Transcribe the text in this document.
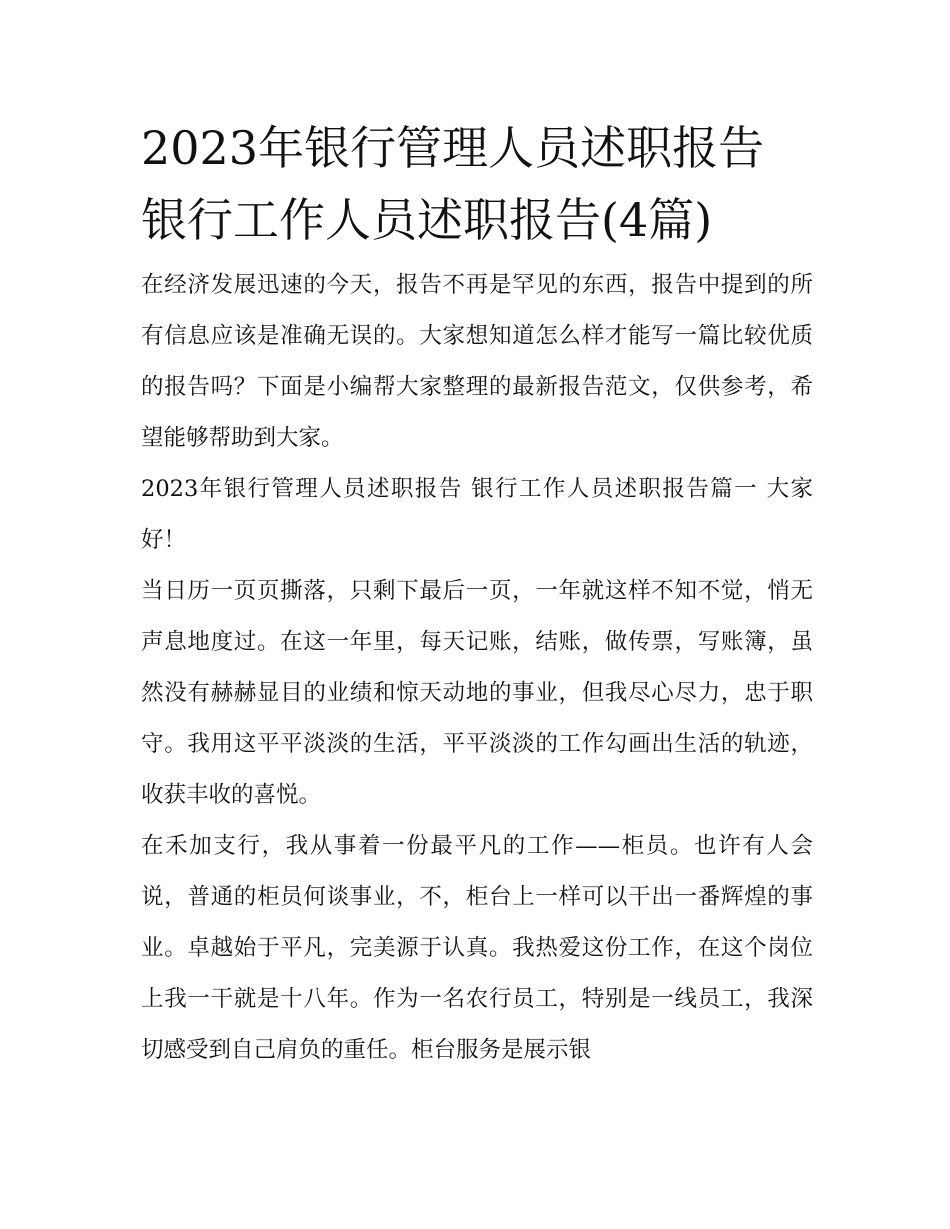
2023年银行管理人员述职报告
银行工作人员述职报告(4篇)

在经济发展迅速的今天，报告不再是罕见的东西，报告中提到的所有信息应该是准确无误的。大家想知道怎么样才能写一篇比较优质的报告吗？下面是小编帮大家整理的最新报告范文，仅供参考，希望能够帮助到大家。

2023年银行管理人员述职报告 银行工作人员述职报告篇一 大家好！

当日历一页页撕落，只剩下最后一页，一年就这样不知不觉，悄无声息地度过。在这一年里，每天记账，结账，做传票，写账簿，虽然没有赫赫显目的业绩和惊天动地的事业，但我尽心尽力，忠于职守。我用这平平淡淡的生活，平平淡淡的工作勾画出生活的轨迹，收获丰收的喜悦。

在禾加支行，我从事着一份最平凡的工作——柜员。也许有人会说，普通的柜员何谈事业，不，柜台上一样可以干出一番辉煌的事业。卓越始于平凡，完美源于认真。我热爱这份工作，在这个岗位上我一干就是十八年。作为一名农行员工，特别是一线员工，我深切感受到自己肩负的重任。柜台服务是展示银
